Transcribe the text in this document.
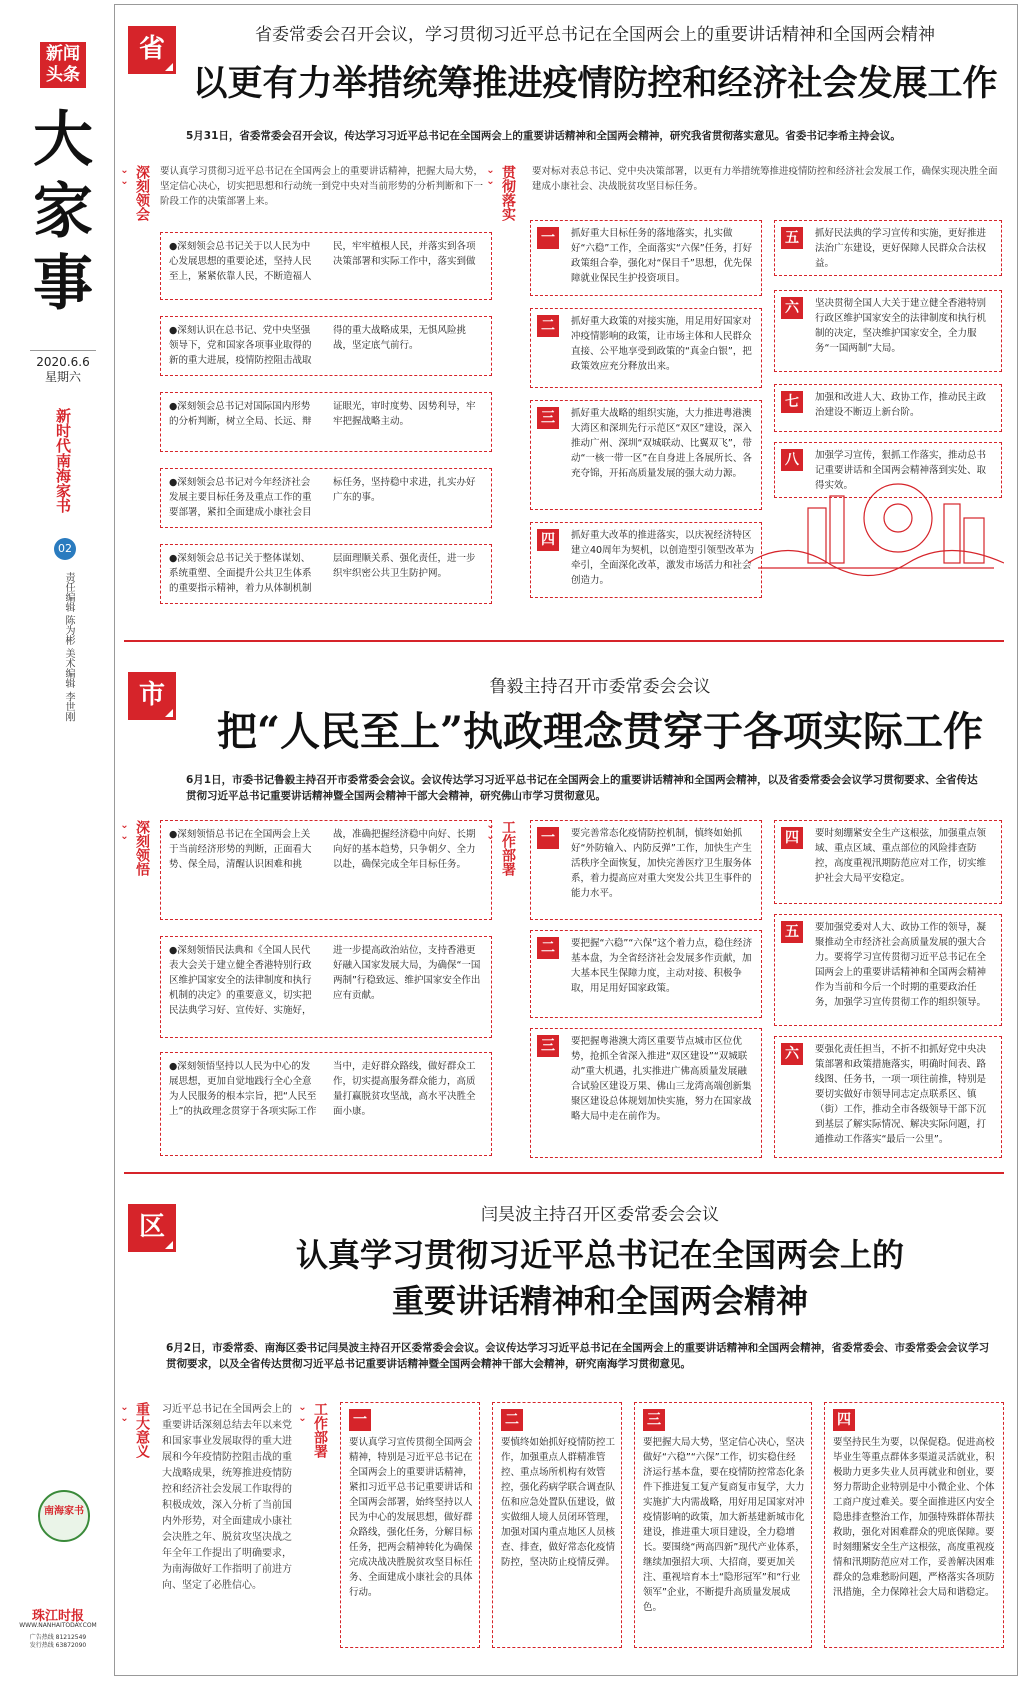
新闻头条
大家事
2020.6.6
星期六
新时代南海家书
02
责任编辑 陈为彬 美术编辑 李世刚
南海家书
珠江时报
WWW.NANHAITODAY.COM
广告热线 81212549
发行热线 63872090
省	省委常委会召开会议，学习贯彻习近平总书记在全国两会上的重要讲话精神和全国两会精神
以更有力举措统筹推进疫情防控和经济社会发展工作
5月31日，省委常委会召开会议，传达学习习近平总书记在全国两会上的重要讲话精神和全国两会精神，研究我省贯彻落实意见。省委书记李希主持会议。
深刻领会 ⌄⌄ 要认真学习贯彻习近平总书记在全国两会上的重要讲话精神，把握大局大势，坚定信心决心，切实把思想和行动统一到党中央对当前形势的分析判断和下一阶段工作的决策部署上来。
●深刻领会总书记关于以人民为中心发展思想的重要论述，坚持人民至上，紧紧依靠人民，不断造福人民，牢牢植根人民，并落实到各项决策部署和实际工作中，落实到做
●深刻认识在总书记、党中央坚强领导下，党和国家各项事业取得的新的重大进展，疫情防控阻击战取得的重大战略成果，无惧风险挑战，坚定底气前行。
●深刻领会总书记对国际国内形势的分析判断，树立全局、长远、辩证眼光，审时度势、因势利导，牢牢把握战略主动。
●深刻领会总书记对今年经济社会发展主要目标任务及重点工作的重要部署，紧扣全面建成小康社会目标任务，坚持稳中求进，扎实办好广东的事。
●深刻领会总书记关于整体谋划、系统重塑、全面提升公共卫生体系的重要指示精神，着力从体制机制层面理顺关系、强化责任，进一步织牢织密公共卫生防护网。
贯彻落实 ⌄⌄ 要对标对表总书记、党中央决策部署，以更有力举措统筹推进疫情防控和经济社会发展工作，确保实现决胜全面建成小康社会、决战脱贫攻坚目标任务。
一	抓好重大目标任务的落地落实，扎实做好“六稳”工作，全面落实“六保”任务，打好政策组合拳，强化对“保目千”思想，优先保障就业保民生护投资项目。
二	抓好重大政策的对接实施，用足用好国家对冲疫情影响的政策，让市场主体和人民群众直接、公平地享受到政策的“真金白银”，把政策效应充分释放出来。
三	抓好重大战略的组织实施，大力推进粤港澳大湾区和深圳先行示范区“双区”建设，深入推动广州、深圳“双城联动、比翼双飞”，带动“一核一带一区”在自身进上各展所长、各充夺锦，开拓高质量发展的强大动力源。
四	抓好重大改革的推进落实，以庆祝经济特区建立40周年为契机，以创造型引领型改革为牵引，全面深化改革，激发市场活力和社会创造力。
五	抓好民法典的学习宣传和实施，更好推进法治广东建设，更好保障人民群众合法权益。
六	坚决贯彻全国人大关于建立健全香港特别行政区维护国家安全的法律制度和执行机制的决定，坚决维护国家安全，全力服务“一国两制”大局。
七	加强和改进人大、政协工作，推动民主政治建设不断迈上新台阶。
八	加强学习宣传，狠抓工作落实，推动总书记重要讲话和全国两会精神落到实处、取得实效。
市	鲁毅主持召开市委常委会会议
把“人民至上”执政理念贯穿于各项实际工作
6月1日，市委书记鲁毅主持召开市委常委会会议。会议传达学习习近平总书记在全国两会上的重要讲话精神和全国两会精神，以及省委常委会会议学习贯彻要求、全省传达贯彻习近平总书记重要讲话精神暨全国两会精神干部大会精神，研究佛山市学习贯彻意见。
深刻领悟 ⌄⌄	●深刻领悟总书记在全国两会上关于当前经济形势的判断，正面看大势、保全局，清醒认识困难和挑战，准确把握经济稳中向好、长期向好的基本趋势，只争朝夕、全力以赴，确保完成全年目标任务。
●深刻领悟民法典和《全国人民代表大会关于建立健全香港特别行政区维护国家安全的法律制度和执行机制的决定》的重要意义，切实把民法典学习好、宣传好、实施好，进一步提高政治站位，支持香港更好融入国家发展大局，为确保“一国两制”行稳致远、维护国家安全作出应有贡献。
●深刻领悟坚持以人民为中心的发展思想，更加自觉地践行全心全意为人民服务的根本宗旨，把“人民至上”的执政理念贯穿于各项实际工作当中，走好群众路线，做好群众工作，切实提高服务群众能力，高质量打赢脱贫攻坚战，高水平决胜全面小康。
工作部署 ⌄⌄ 一	要完善常态化疫情防控机制，慎终如始抓好“外防输入、内防反弹”工作，加快生产生活秩序全面恢复，加快完善医疗卫生服务体系，着力提高应对重大突发公共卫生事件的能力水平。
二	要把握“六稳”“六保”这个着力点，稳住经济基本盘，为全省经济社会发展多作贡献，加大基本民生保障力度，主动对接、积极争取，用足用好国家政策。
三	要把握粤港澳大湾区重要节点城市区位优势，抢抓全省深入推进“双区建设”“双城联动”重大机遇，扎实推进广佛高质量发展融合试验区建设万果、佛山三龙湾高端创新集聚区建设总体规划加快实施，努力在国家战略大局中走在前作为。
四	要时刻绷紧安全生产这根弦，加强重点领域、重点区域、重点部位的风险排查防控，高度重视汛期防范应对工作，切实维护社会大局平安稳定。
五	要加强党委对人大、政协工作的领导，凝聚推动全市经济社会高质量发展的强大合力。要将学习宣传贯彻习近平总书记在全国两会上的重要讲话精神和全国两会精神作为当前和今后一个时期的重要政治任务，加强学习宣传贯彻工作的组织领导。
六	要强化责任担当，不折不扣抓好党中央决策部署和政策措施落实，明确时间表、路线图、任务书，一项一项往前推，特别是要切实做好市领导同志定点联系区、镇（街）工作，推动全市各级领导干部下沉到基层了解实际情况、解决实际问题，打通推动工作落实“最后一公里”。
区	闫昊波主持召开区委常委会会议
认真学习贯彻习近平总书记在全国两会上的
重要讲话精神和全国两会精神
6月2日，市委常委、南海区委书记闫昊波主持召开区委常委会会议。会议传达学习习近平总书记在全国两会上的重要讲话精神和全国两会精神，省委常委会、市委常委会会议学习贯彻要求，以及全省传达贯彻习近平总书记重要讲话精神暨全国两会精神干部大会精神，研究南海学习贯彻意见。
重大意义 ⌄⌄ 习近平总书记在全国两会上的重要讲话深刻总结去年以来党和国家事业发展取得的重大进展和今年疫情防控阻击战的重大战略成果，统筹推进疫情防控和经济社会发展工作取得的积极成效，深入分析了当前国内外形势，对全面建成小康社会决胜之年、脱贫攻坚决战之年全年工作提出了明确要求，为南海做好工作指明了前进方向、坚定了必胜信心。
工作部署 ⌄⌄ 一
要认真学习宣传贯彻全国两会精神，特别是习近平总书记在全国两会上的重要讲话精神，紧扣习近平总书记重要讲话和全国两会部署，始终坚持以人民为中心的发展思想，做好群众路线，强化任务，分解目标任务，把两会精神转化为确保完成决战决胜脱贫攻坚目标任务、全面建成小康社会的具体行动。
二
要慎终如始抓好疫情防控工作，加强重点人群精准管控、重点场所机构有效管控，强化药病学联合调查队伍和应急处置队伍建设，做实做细人境人员闭环管理，加强对国内重点地区人员核查、排查，做好常态化疫情防控，坚决防止疫情反弹。
三
要把握大局大势，坚定信心决心，坚决做好“六稳”“六保”工作，切实稳住经济运行基本盘，要在疫情防控常态化条件下推进复工复产复商复市复学，大力实施扩大内需战略，用好用足国家对冲疫情影响的政策，加大新基建新城市化建设，推进重大项目建设，全力稳增长。要围绕“两高四新”现代产业体系，继续加强招大项、大招商，要更加关注、重视培育本土“隐形冠军”和“行业领军”企业，不断提升高质量发展成色。
四
要坚持民生为要，以保促稳。促进高校毕业生等重点群体多渠道灵活就业，积极助力更多失业人员再就业和创业，要努力帮助企业特别是中小微企业、个体工商户度过难关。要全面推进区内安全隐患排查整治工作，加强特殊群体帮扶救助，强化对困难群众的兜底保障。要时刻绷紧安全生产这根弦，高度重视疫情和汛期防范应对工作，妥善解决困难群众的急难愁盼问题，严格落实各项防汛措施，全力保障社会大局和谐稳定。
